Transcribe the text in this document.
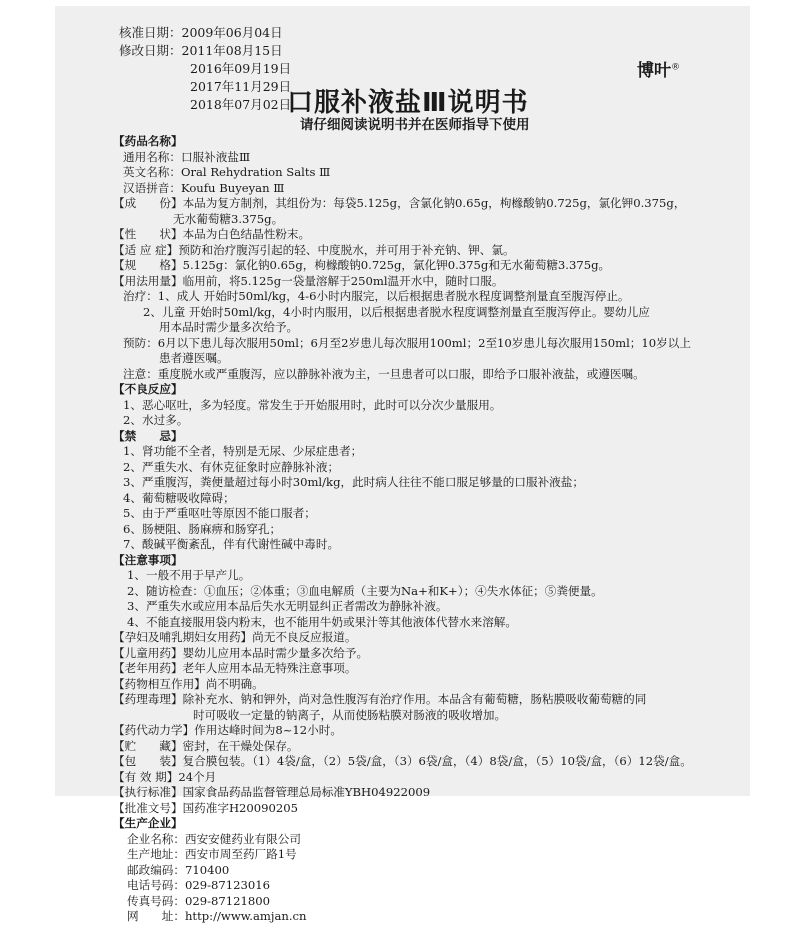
核准日期：2009年06月04日
修改日期：2011年08月15日
2016年09月19日
2017年11月29日
2018年07月02日
博叶®
口服补液盐Ⅲ说明书
请仔细阅读说明书并在医师指导下使用
【药品名称】
通用名称：口服补液盐Ⅲ
英文名称：Oral Rehydration Salts Ⅲ
汉语拼音：Koufu Buyeyan Ⅲ
【成　　份】本品为复方制剂，其组份为：每袋5.125g，含氯化钠0.65g，枸橼酸钠0.725g，氯化钾0.375g，
无水葡萄糖3.375g。
【性　　状】本品为白色结晶性粉末。
【适 应 症】预防和治疗腹泻引起的轻、中度脱水，并可用于补充钠、钾、氯。
【规　　格】5.125g：氯化钠0.65g，枸橼酸钠0.725g，氯化钾0.375g和无水葡萄糖3.375g。
【用法用量】临用前，将5.125g一袋量溶解于250ml温开水中，随时口服。
治疗：1、成人 开始时50ml/kg，4-6小时内服完，以后根据患者脱水程度调整剂量直至腹泻停止。
2、儿童 开始时50ml/kg，4小时内服用，以后根据患者脱水程度调整剂量直至腹泻停止。婴幼儿应
用本品时需少量多次给予。
预防：6月以下患儿每次服用50ml；6月至2岁患儿每次服用100ml；2至10岁患儿每次服用150ml；10岁以上
患者遵医嘱。
注意：重度脱水或严重腹泻，应以静脉补液为主，一旦患者可以口服，即给予口服补液盐，或遵医嘱。
【不良反应】
1、恶心呕吐，多为轻度。常发生于开始服用时，此时可以分次少量服用。
2、水过多。
【禁　　忌】
1、肾功能不全者，特别是无尿、少尿症患者；
2、严重失水、有休克征象时应静脉补液；
3、严重腹泻，粪便量超过每小时30ml/kg，此时病人往往不能口服足够量的口服补液盐；
4、葡萄糖吸收障碍；
5、由于严重呕吐等原因不能口服者；
6、肠梗阻、肠麻痹和肠穿孔；
7、酸碱平衡紊乱，伴有代谢性碱中毒时。
【注意事项】
1、一般不用于早产儿。
2、随访检查：①血压；②体重；③血电解质（主要为Na+和K+）；④失水体征；⑤粪便量。
3、严重失水或应用本品后失水无明显纠正者需改为静脉补液。
4、不能直接服用袋内粉末，也不能用牛奶或果汁等其他液体代替水来溶解。
【孕妇及哺乳期妇女用药】尚无不良反应报道。
【儿童用药】婴幼儿应用本品时需少量多次给予。
【老年用药】老年人应用本品无特殊注意事项。
【药物相互作用】尚不明确。
【药理毒理】除补充水、钠和钾外，尚对急性腹泻有治疗作用。本品含有葡萄糖，肠粘膜吸收葡萄糖的同
时可吸收一定量的钠离子，从而使肠粘膜对肠液的吸收增加。
【药代动力学】作用达峰时间为8~12小时。
【贮　　藏】密封，在干燥处保存。
【包　　装】复合膜包装。（1）4袋/盒，（2）5袋/盒，（3）6袋/盒，（4）8袋/盒，（5）10袋/盒，（6）12袋/盒。
【有 效 期】24个月
【执行标准】国家食品药品监督管理总局标准YBH04922009
【批准文号】国药准字H20090205
【生产企业】
企业名称：西安安健药业有限公司
生产地址：西安市周至药厂路1号
邮政编码：710400
电话号码：029-87123016
传真号码：029-87121800
网　　址：http://www.amjan.cn
